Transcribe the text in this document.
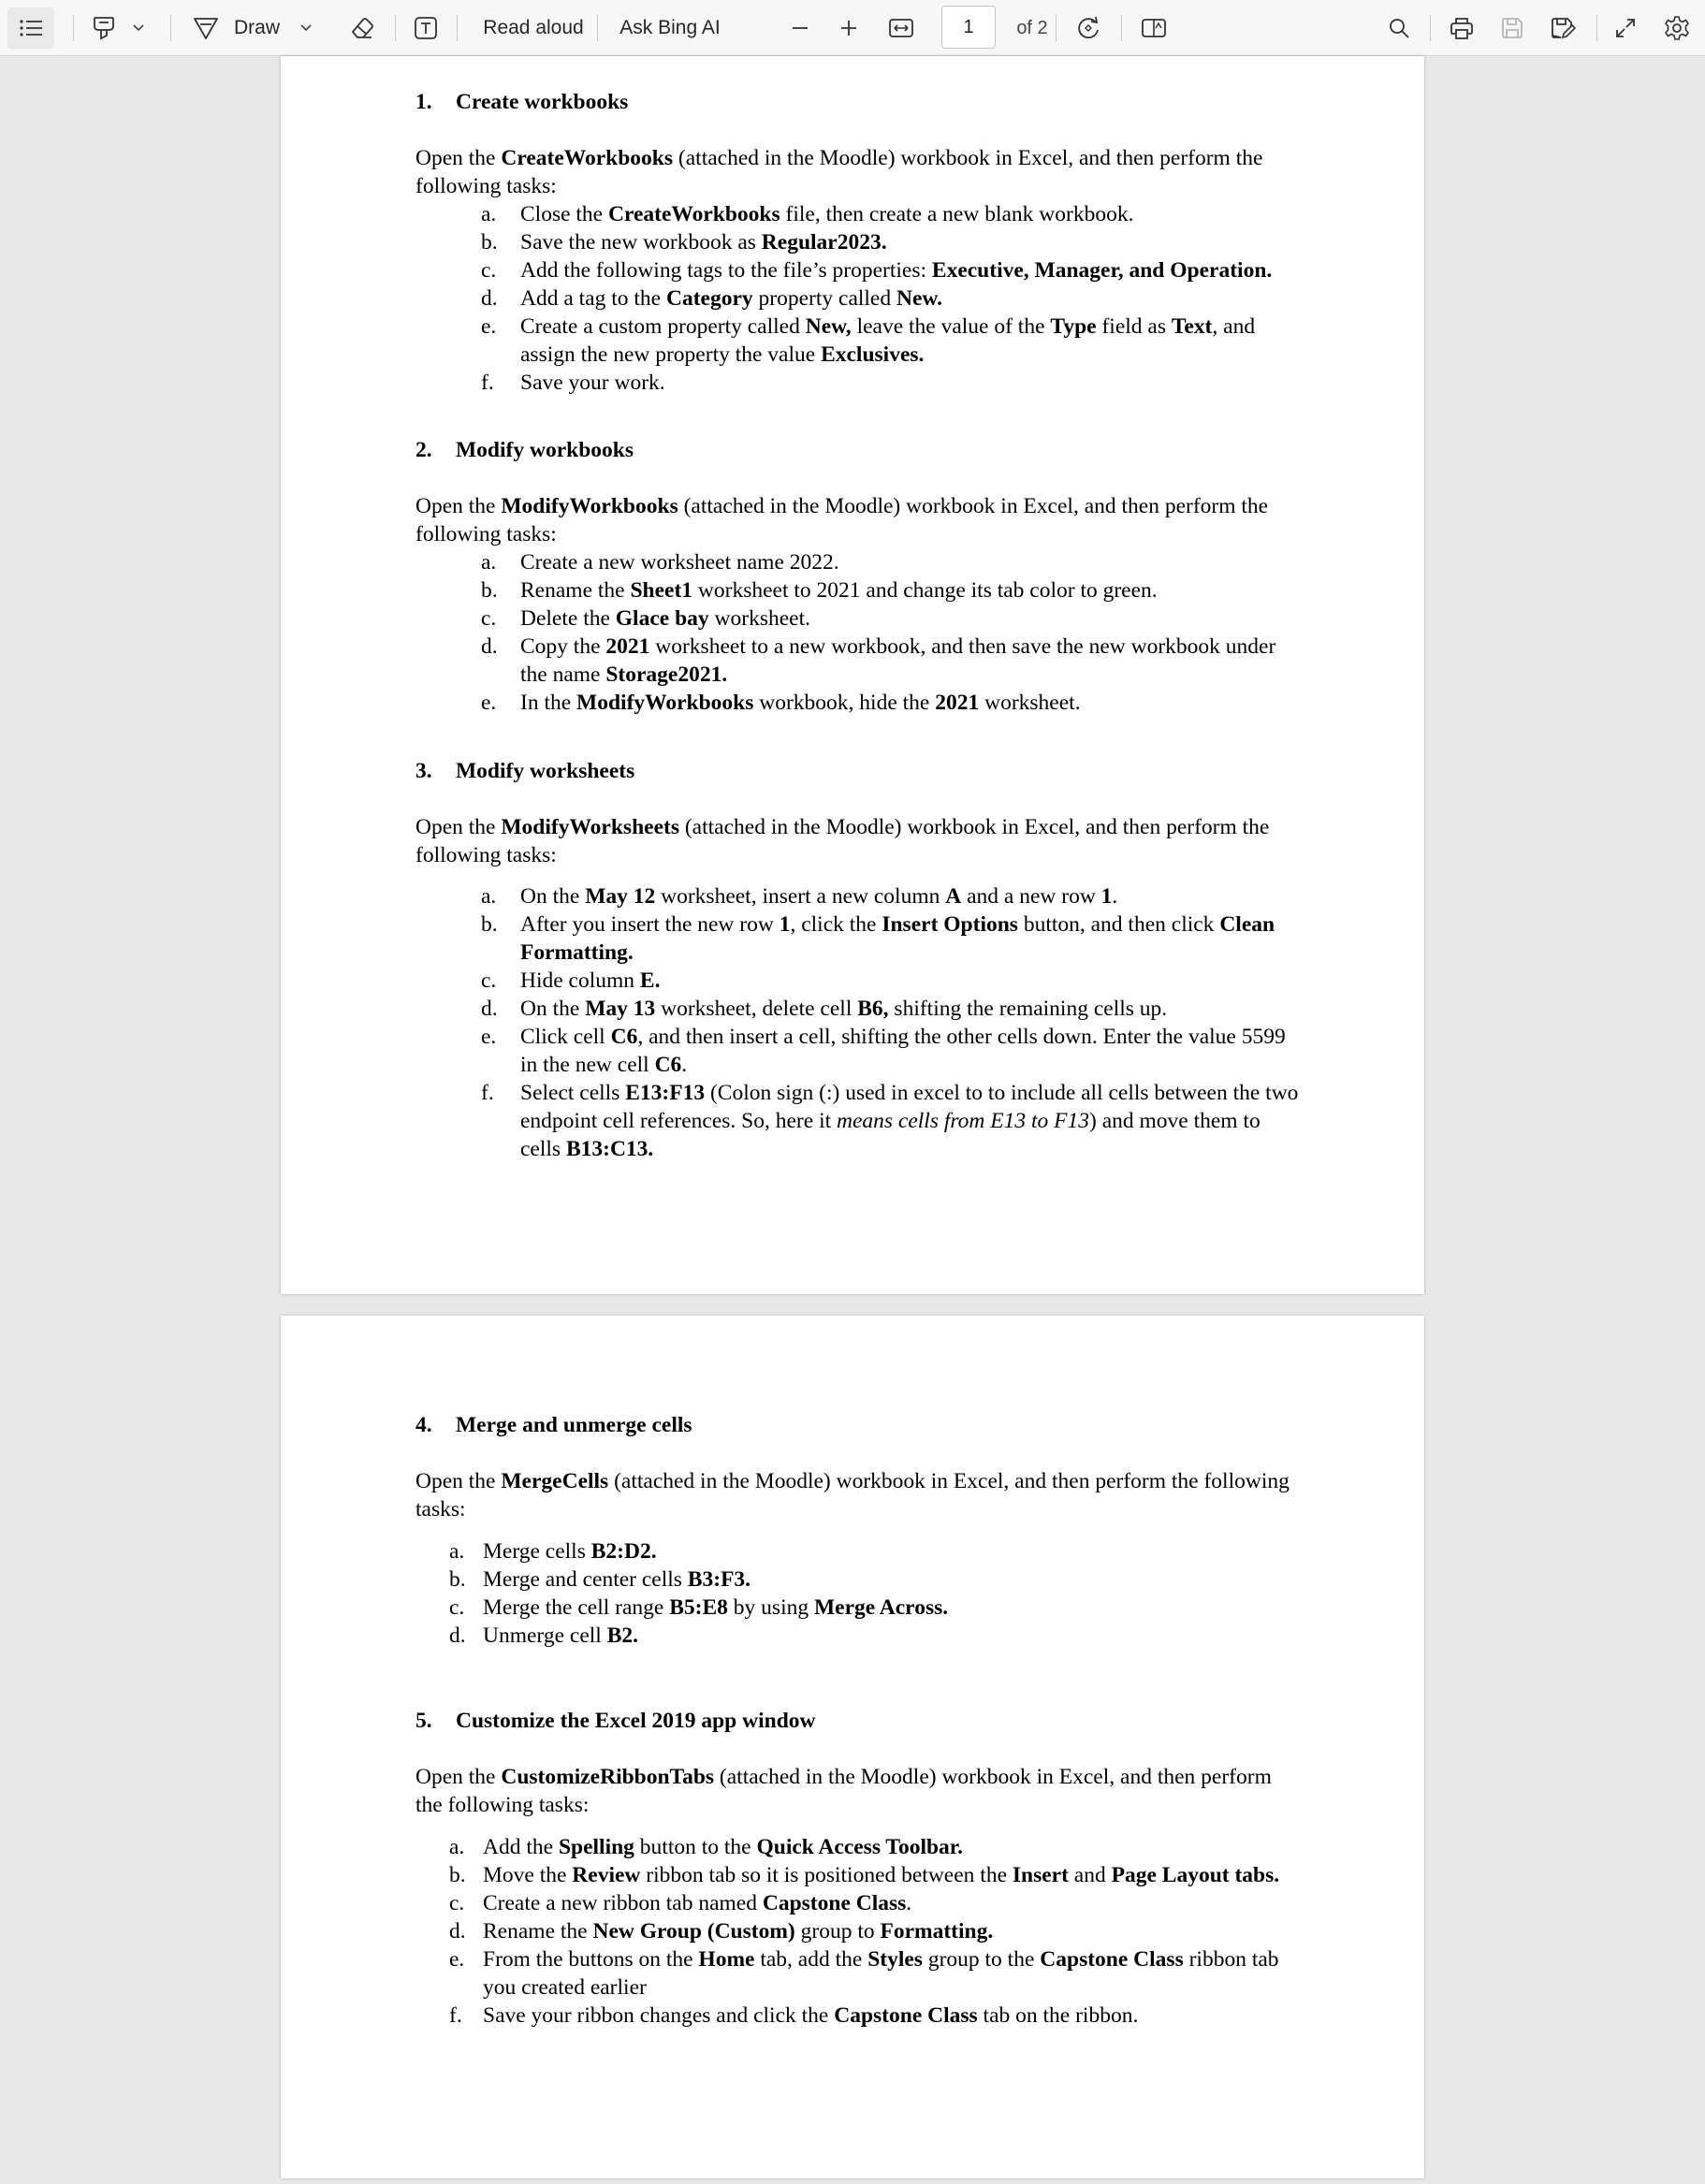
Draw	Read aloud Ask Bing AI	1 of 2
1. Create workbooks
Open the CreateWorkbooks (attached in the Moodle) workbook in Excel, and then perform the following tasks:
a. Close the CreateWorkbooks file, then create a new blank workbook.
b. Save the new workbook as Regular2023.
c. Add the following tags to the file’s properties: Executive, Manager, and Operation.
d. Add a tag to the Category property called New.
e. Create a custom property called New, leave the value of the Type field as Text, and assign the new property the value Exclusives.
f. Save your work.
2. Modify workbooks
Open the ModifyWorkbooks (attached in the Moodle) workbook in Excel, and then perform the following tasks:
a. Create a new worksheet name 2022.
b. Rename the Sheet1 worksheet to 2021 and change its tab color to green.
c. Delete the Glace bay worksheet.
d. Copy the 2021 worksheet to a new workbook, and then save the new workbook under the name Storage2021.
e. In the ModifyWorkbooks workbook, hide the 2021 worksheet.
3. Modify worksheets
Open the ModifyWorksheets (attached in the Moodle) workbook in Excel, and then perform the following tasks:
a. On the May 12 worksheet, insert a new column A and a new row 1.
b. After you insert the new row 1, click the Insert Options button, and then click Clean Formatting.
c. Hide column E.
d. On the May 13 worksheet, delete cell B6, shifting the remaining cells up.
e. Click cell C6, and then insert a cell, shifting the other cells down. Enter the value 5599 in the new cell C6.
f. Select cells E13:F13 (Colon sign (:) used in excel to to include all cells between the two endpoint cell references. So, here it means cells from E13 to F13) and move them to cells B13:C13.
4. Merge and unmerge cells
Open the MergeCells (attached in the Moodle) workbook in Excel, and then perform the following tasks:
a. Merge cells B2:D2.
b. Merge and center cells B3:F3.
c. Merge the cell range B5:E8 by using Merge Across.
d. Unmerge cell B2.
5. Customize the Excel 2019 app window
Open the CustomizeRibbonTabs (attached in the Moodle) workbook in Excel, and then perform the following tasks:
a. Add the Spelling button to the Quick Access Toolbar.
b. Move the Review ribbon tab so it is positioned between the Insert and Page Layout tabs.
c. Create a new ribbon tab named Capstone Class.
d. Rename the New Group (Custom) group to Formatting.
e. From the buttons on the Home tab, add the Styles group to the Capstone Class ribbon tab you created earlier
f. Save your ribbon changes and click the Capstone Class tab on the ribbon.
